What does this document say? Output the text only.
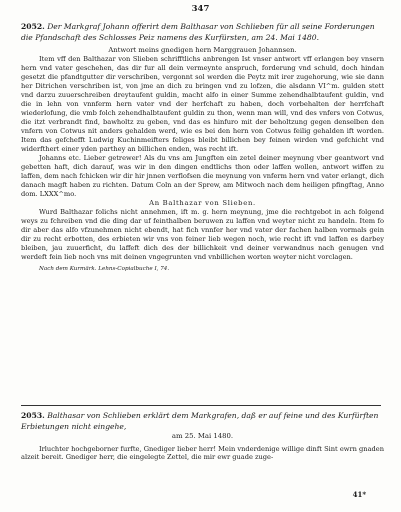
347
2052. Der Markgraf Johann offerirt dem Balthasar von Schlieben für all seine Forderungen die Pfandschaft des Schlosses Peiz namens des Kurfürsten, am 24. Mai 1480.
Antwort meins gnedigen hern Marggrauen Johannsen.
Item vff den Balthazar von Slieben schrifftlichs anbrengen Ist vnser antwort vff erlangen bey vnsern hern vnd vater geschehen, das dir fur all dein vermeynte anspruch, forderung vnd schuld, doch hindan gesetzt die pfandtgutter dir verschriben, vergonnt sol werden die Peytz mit irer zugehorung, wie sie dann her Ditrichen verschriben ist, von jme an dich zu bringen vnd zu lofzen, die alsdann VI^m. gulden stett vnd darzu zuuerschreiben dreytaufent guldin, macht alfo in einer Summe zehendhalbtaufent guldin, vnd die in lehn von vnnferm hern vater vnd der herfchaft zu haben, doch vorbehalten der herrfchaft wiederlofung, die vmb folch zehendhalbtaufent guldin zu thon, wenn man will, vnd des vnfers von Cotwus, die itzt verbrandt find, bawholtz zu geben, vnd das es hinfuro mit der beholtzung gegen denselben den vnfern von Cotwus nit anders gehalden werd, wie es bei den hern von Cotwus feilig gehalden ift worden. Item das gefchefft Ludwig Kuchinmeifters feliges bleibt billichen bey feinen wirden vnd gefchicht vnd widerfthert einer yden parthey an billichen enden, was recht ift.
Johanns etc. Lieber getrewer! Als du vns am Jungften ein zetel deiner meynung vber geantwort vnd gebetten haft, dich darauf, was wir in den dingen endtlichs thon oder laffen wollen, antwort wiffen zu laffen, dem nach fchicken wir dir hir jnnen verflofsen die meynung von vnferm hern vnd vater erlangt, dich danach magft haben zu richten. Datum Coln an der Sprew, am Mitwoch nach dem heiligen pfingftag, Anno dom. LXXX^mo.
An Balthazar von Slieben.
Wurd Balthazar folichs nicht annehmen, ift m. g. hern meynung, jme die rechtgebot in ach folgend weys zu fchreiben vnd die ding dar uf feinthalben beruwen zu laffen vnd weyter nicht zu handeln. Item fo dir aber das alfo vfzunehmen nicht ebendt, hat fich vnnfer her vnd vater der fachen halben vormals gein dir zu recht erbotten, des erbieten wir vns von feiner lieb wegen noch, wie recht ift vnd laffen es darbey bleiben, jau zuuerficht, du laffeft dich des der billichkeit vnd deiner verwandnus nach genugen vnd werdeft fein lieb noch vns mit deinen vngegrunten vnd vnbillichen worten weyter nicht vorclagen.
Nach dem Kurmärk. Lehns-Copialbuche I, 74.
2053. Balthasar von Schlieben erklärt dem Markgrafen, daß er auf feine und des Kurfürften Erbietungen nicht eingehe,
am 25. Mai 1480.
Irluchter hochgeborner furfte, Gnediger lieber herr! Mein vnderdenige willige dinft Sint ewrn gnaden alzeit bereit. Gnediger herr, die eingelegte Zettel, die mir ewr guade zuge-
41*
